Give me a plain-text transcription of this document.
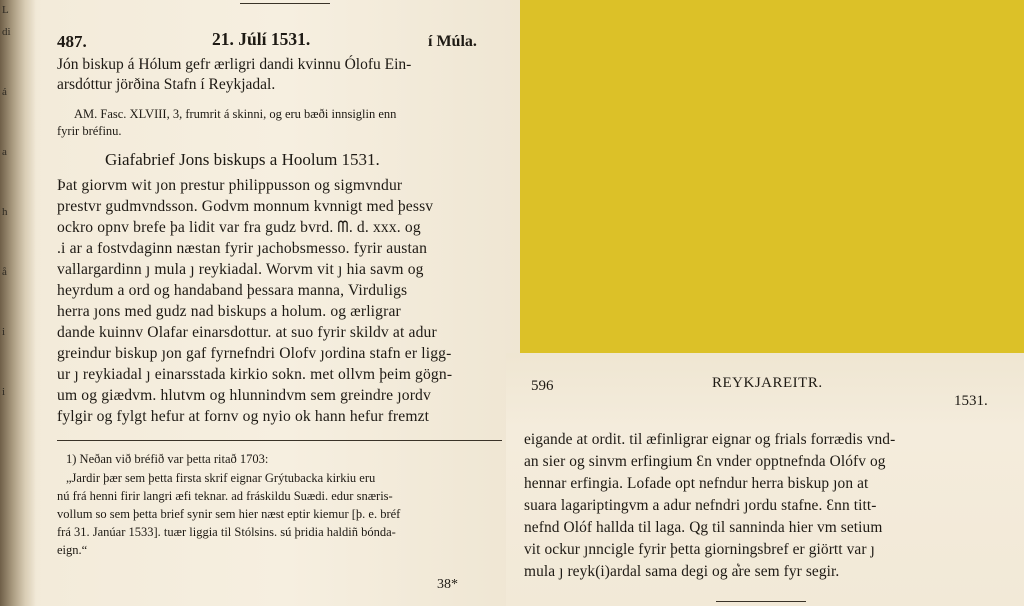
L
di
á
a
h
å
i
i
487.	21. Júlí 1531.	í Múla.
Jón biskup á Hólum gefr ærligri dandi kvinnu Ólofu Ein-
arsdóttur jörðina Stafn í Reykjadal.
AM. Fasc. XLVIII, 3, frumrit á skinni, og eru bæði innsiglin enn
fyrir bréfinu.
Giafabrief Jons biskups a Hoolum 1531.
Þat giorvm wit ȷon prestur philippusson og sigmvndur
prestvr gudmvndsson. Godvm monnum kvnnigt med þessv
ockro opnv brefe þa lidit var fra gudz bvrd. ᗰ. d. xxx. og
.i ar a fostvdaginn næstan fyrir ȷachobsmesso. fyrir austan
vallargardinn ȷ mula ȷ reykiadal. Worvm vit ȷ hia savm og
heyrdum a ord og handaband þessara manna, Virduligs
herra ȷons med gudz nad biskups a holum. og ærligrar
dande kuinnv Olafar einarsdottur. at suo fyrir skildv at adur
greindur biskup ȷon gaf fyrnefndri Olofv ȷordina stafn er ligg-
ur ȷ reykiadal ȷ einarsstada kirkio sokn. met ollvm þeim gögn-
um og giædvm. hlutvm og hlunnindvm sem greindre ȷordv
fylgir og fylgt hefur at fornv og nyio ok hann hefur fremzt
1) Neðan við bréfið var þetta ritað 1703:
„Jardir þær sem þetta firsta skrif eignar Grýtubacka kirkiu eru
nú frá henni firir langri æfi teknar. ad fráskildu Suædi. edur snæris-
vollum so sem þetta brief synir sem hier næst eptir kiemur [þ. e. bréf
frá 31. Janúar 1533]. tuær liggia til Stólsins. sú þridia haldiñ bónda-
eign.“
38*
596	REYKJAREITR.
1531.
eigande at ordit. til æfinligrar eignar og frials forrædis vnd-
an sier og sinvm erfingium Ɛn vnder opptnefnda Olófv og
hennar erfingia. Lofade opt nefndur herra biskup ȷon at
suara lagariptingvm a adur nefndri ȷordu stafne. Ɛnn titt-
nefnd Olóf hallda til laga. Qg til sanninda hier vm setium
vit ockur ȷnncigle fyrir þetta giorningsbref er giörtt var ȷ
mula ȷ reyk(i)ardal sama degi og a͛re sem fyr segir.
